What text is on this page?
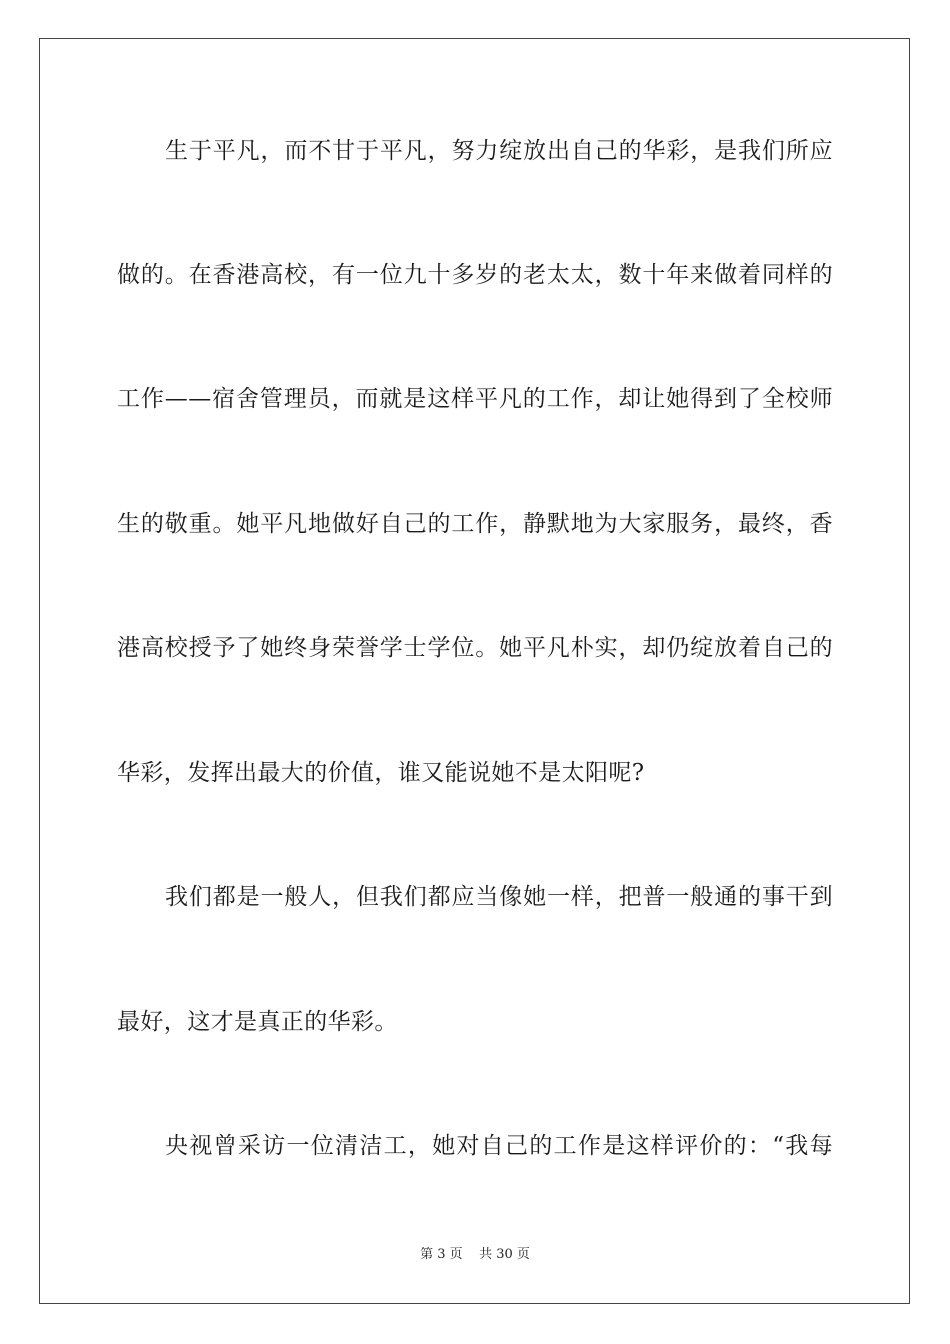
生于平凡，而不甘于平凡，努力绽放出自己的华彩，是我们所应
做的。在香港高校，有一位九十多岁的老太太，数十年来做着同样的
工作——宿舍管理员，而就是这样平凡的工作，却让她得到了全校师
生的敬重。她平凡地做好自己的工作，静默地为大家服务，最终，香
港高校授予了她终身荣誉学士学位。她平凡朴实，却仍绽放着自己的
华彩，发挥出最大的价值，谁又能说她不是太阳呢?
我们都是一般人，但我们都应当像她一样，把普一般通的事干到
最好，这才是真正的华彩。
央视曾采访一位清洁工，她对自己的工作是这样评价的：“我每
第 3 页    共 30 页
